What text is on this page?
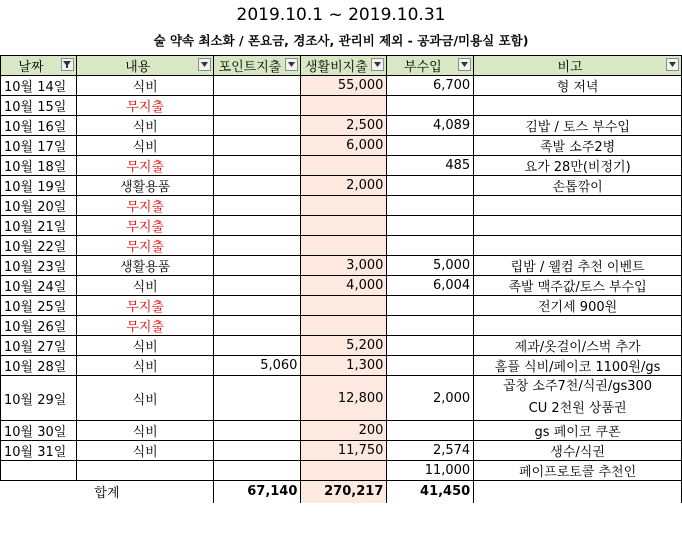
2019.10.1 ~ 2019.10.31
술 약속 최소화 / 폰요금, 경조사, 관리비 제외 - 공과금/미용실 포함)
날짜	내용	포인트지출	생활비지출	부수입	비고

10월 14일	식비		55,000	6,700	형 저녁
10월 15일	무지출				
10월 16일	식비		2,500	4,089	김밥 / 토스 부수입
10월 17일	식비		6,000		족발 소주2병
10월 18일	무지출			485	요가 28만(비정기)
10월 19일	생활용품		2,000		손톱깎이
10월 20일	무지출				
10월 21일	무지출				
10월 22일	무지출				
10월 23일	생활용품		3,000	5,000	립밤 / 웰컴 추천 이벤트
10월 24일	식비		4,000	6,004	족발 맥주값/토스 부수입
10월 25일	무지출				전기세 900원
10월 26일	무지출				
10월 27일	식비		5,200		제과/옷걸이/스벅 추가
10월 28일	식비	5,060	1,300		홈플 식비/페이코 1100원/gs
10월 29일	식비		12,800	2,000	곱창 소주7천/식권/gs300
CU 2천원 상품권

10월 30일	식비		200		gs 페이코 쿠폰
10월 31일	식비		11,750	2,574	생수/식권
				11,000	페이프로토콜 추천인
합계		67,140	270,217	41,450	
